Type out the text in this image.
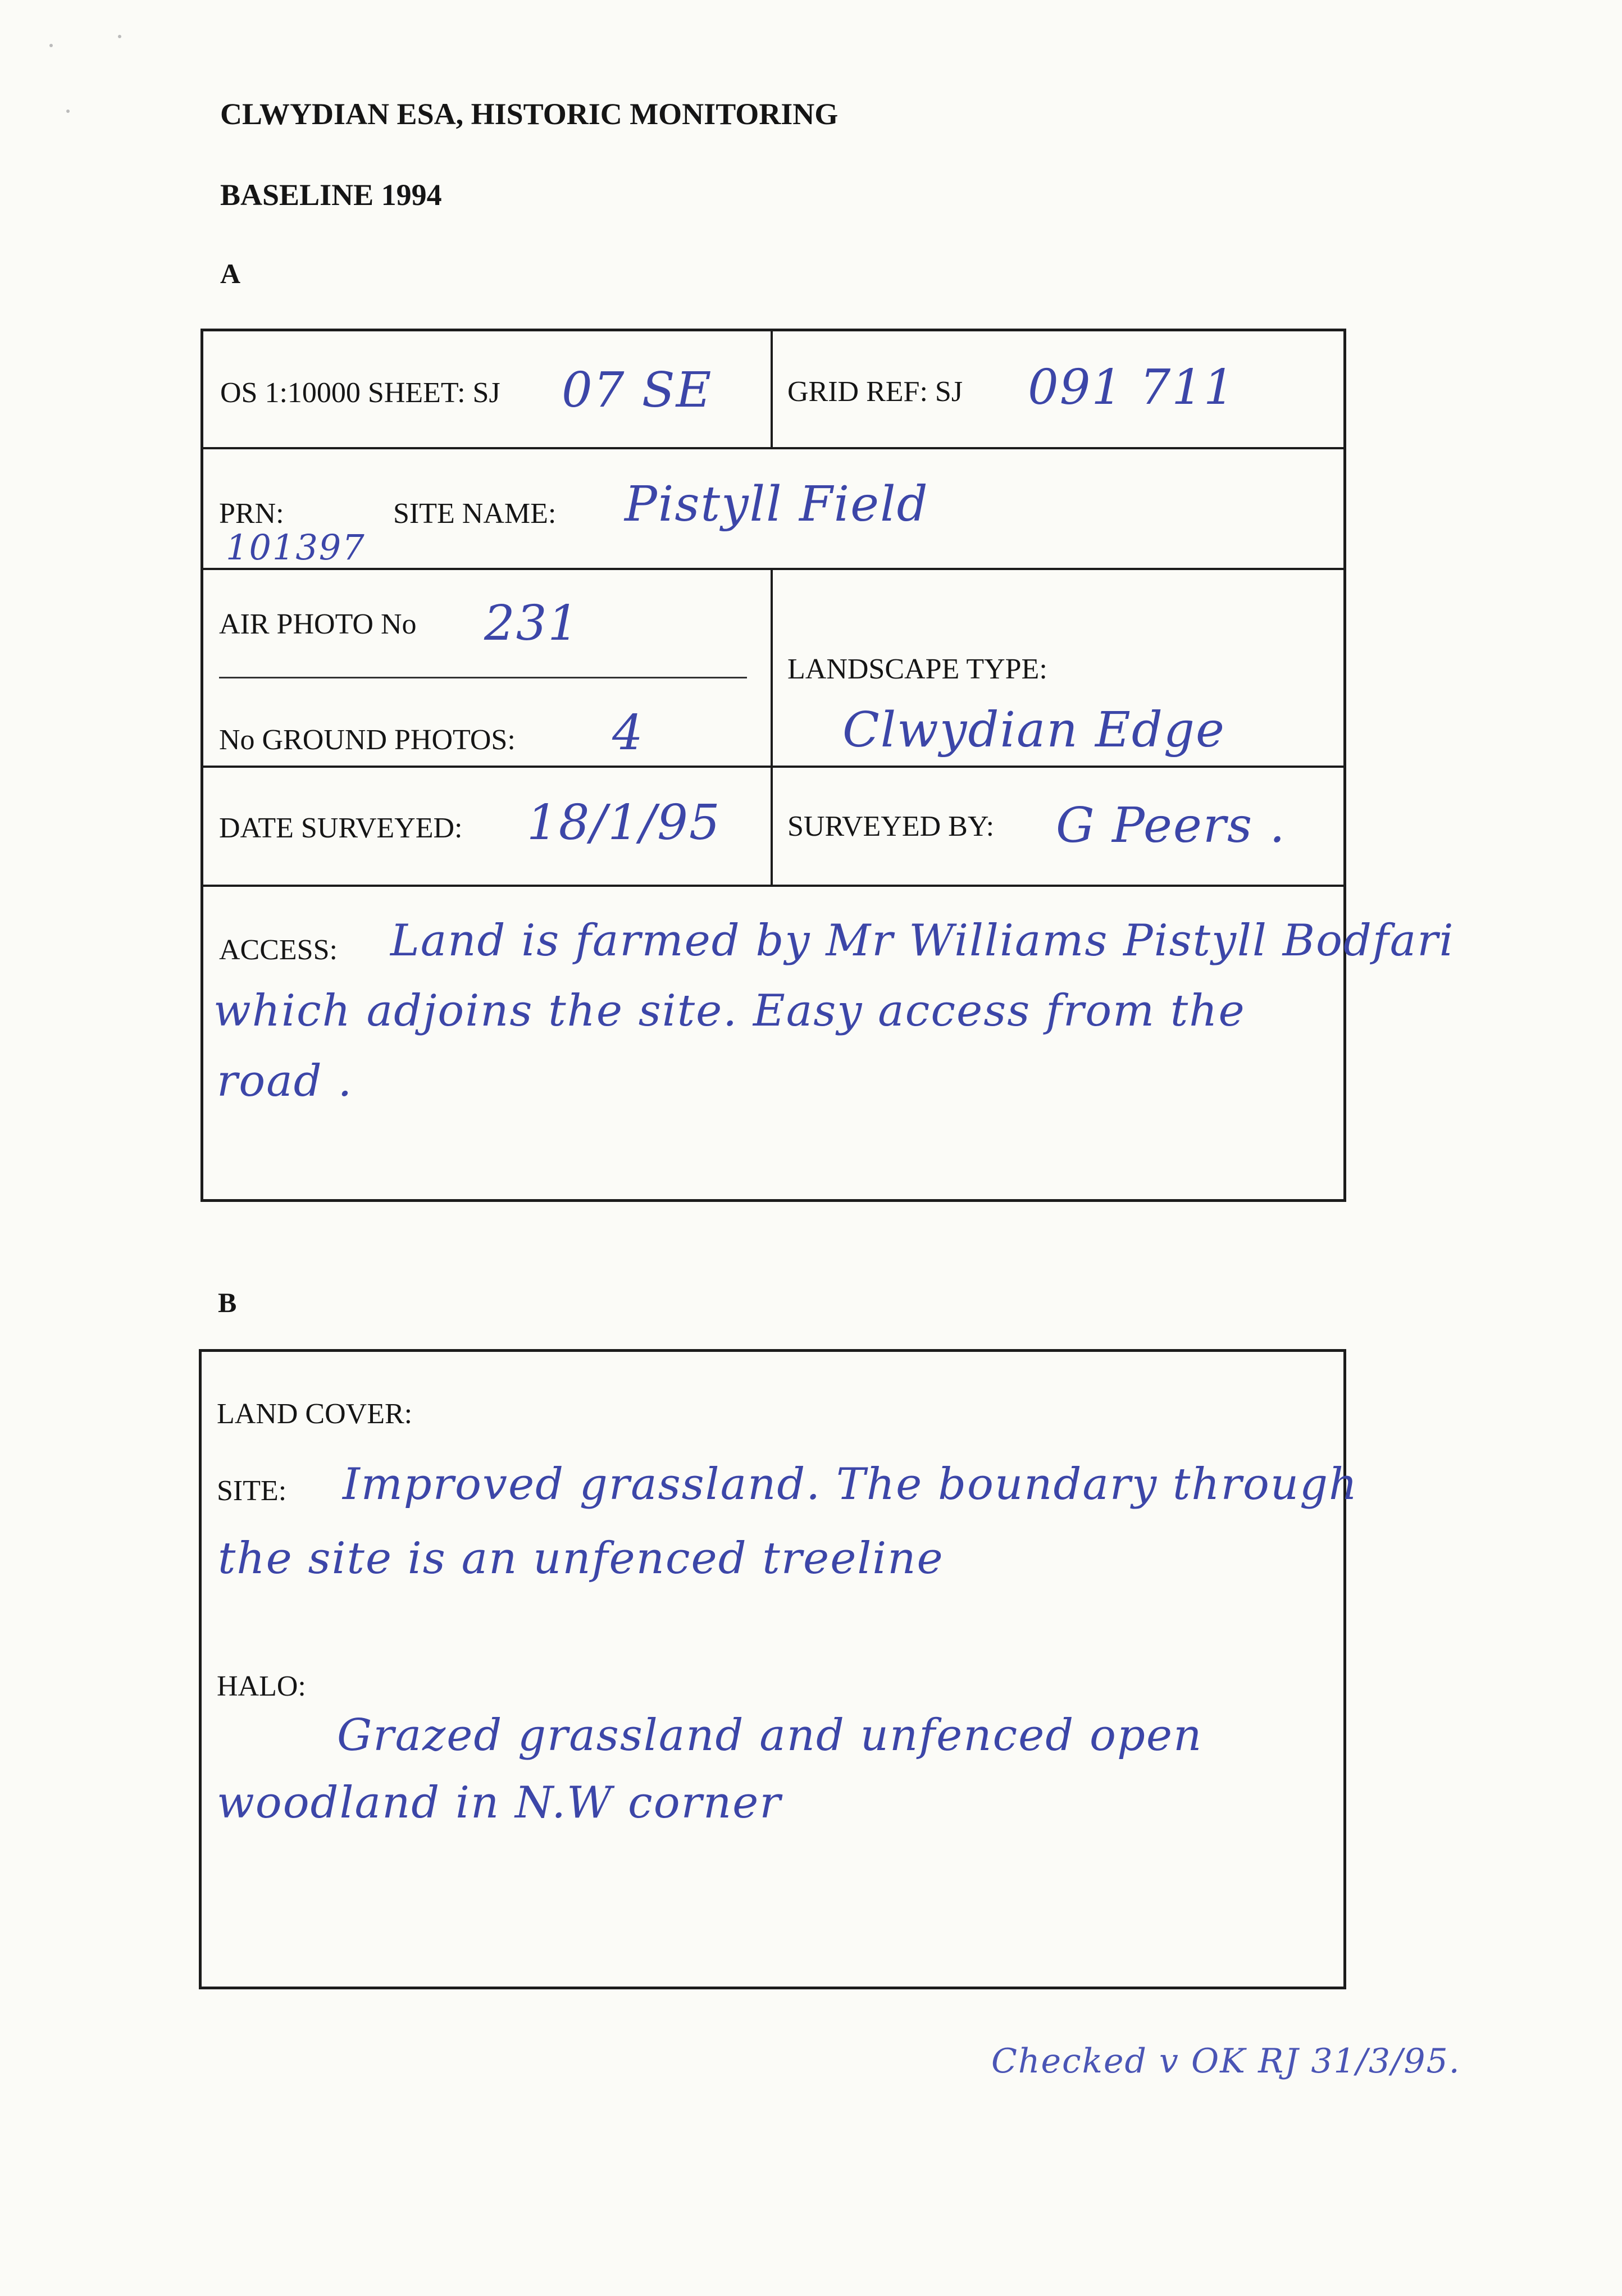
CLWYDIAN ESA, HISTORIC MONITORING
BASELINE 1994
A
OS 1:10000 SHEET: SJ 07 SE	GRID REF: SJ 091 711
PRN:
101397
SITE NAME: Pistyll Field
AIR PHOTO No 231
No GROUND PHOTOS: 4
LANDSCAPE TYPE:
Clwydian Edge
DATE SURVEYED: 18/1/95 SURVEYED BY: G Peers .
ACCESS: Land is farmed by Mr Williams Pistyll Bodfari
which adjoins the site. Easy access from the
road .
B
LAND COVER:
SITE: Improved grassland. The boundary through
the site is an unfenced treeline
HALO:
Grazed grassland and unfenced open
woodland in N.W corner
Checked v OK RJ 31/3/95.
